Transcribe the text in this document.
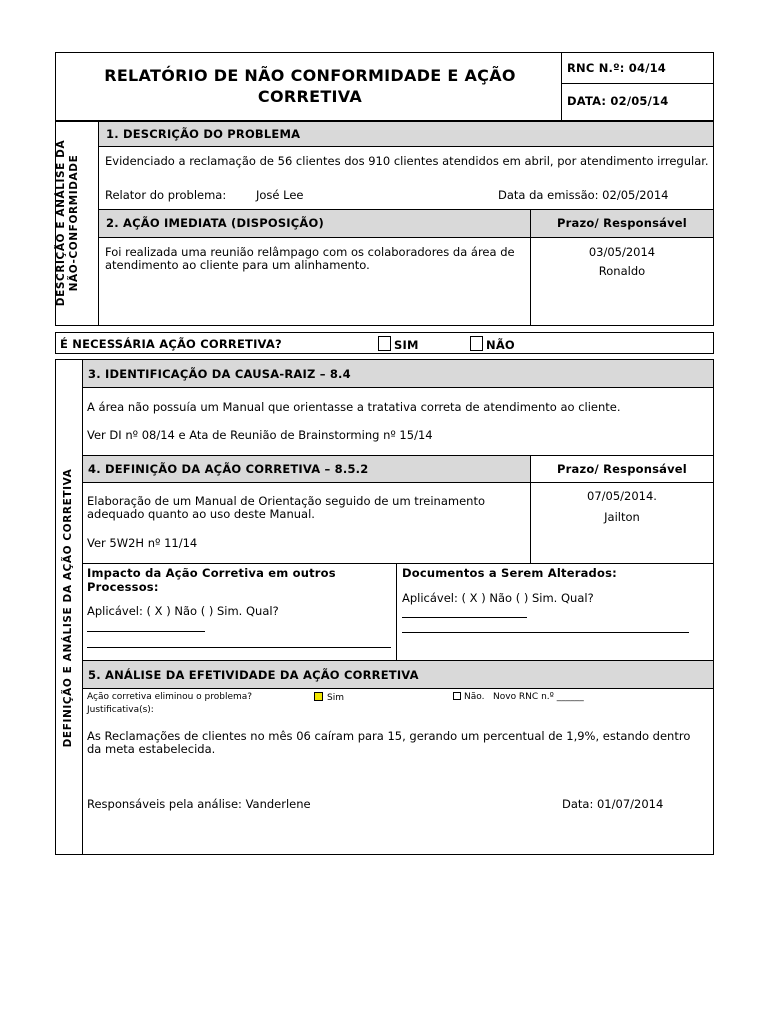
RELATÓRIO DE NÃO CONFORMIDADE E AÇÃO CORRETIVA
RNC N.º: 04/14
DATA: 02/05/14
DESCRIÇÃO E ANÁLISE DA NÃO-CONFORMIDADE
1. DESCRIÇÃO DO PROBLEMA
Evidenciado a reclamação de 56 clientes dos 910 clientes atendidos em abril, por atendimento irregular.
Relator do problema:	José Lee	Data da emissão: 02/05/2014
2. AÇÃO IMEDIATA (DISPOSIÇÃO)	Prazo/ Responsável
Foi realizada uma reunião relâmpago com os colaboradores da área de atendimento ao cliente para um alinhamento.
03/05/2014
Ronaldo
É NECESSÁRIA AÇÃO CORRETIVA?	SIM	NÃO
DEFINIÇÃO E ANÁLISE DA AÇÃO CORRETIVA
3. IDENTIFICAÇÃO DA CAUSA-RAIZ – 8.4
A área não possuía um Manual que orientasse a tratativa correta de atendimento ao cliente.
Ver DI nº 08/14 e Ata de Reunião de Brainstorming nº 15/14
4. DEFINIÇÃO DA AÇÃO CORRETIVA – 8.5.2	Prazo/ Responsável
Elaboração de um Manual de Orientação seguido de um treinamento adequado quanto ao uso deste Manual.
Ver 5W2H nº 11/14
07/05/2014.
Jailton
Impacto da Ação Corretiva em outros Processos:
Aplicável: ( X ) Não ( ) Sim. Qual?
Documentos a Serem Alterados:
Aplicável: ( X ) Não ( ) Sim. Qual?
5. ANÁLISE DA EFETIVIDADE DA AÇÃO CORRETIVA
Ação corretiva eliminou o problema?	Sim	Não. Novo RNC n.º ______
Justificativa(s):
As Reclamações de clientes no mês 06 caíram para 15, gerando um percentual de 1,9%, estando dentro da meta estabelecida.
Responsáveis pela análise: Vanderlene	Data: 01/07/2014
